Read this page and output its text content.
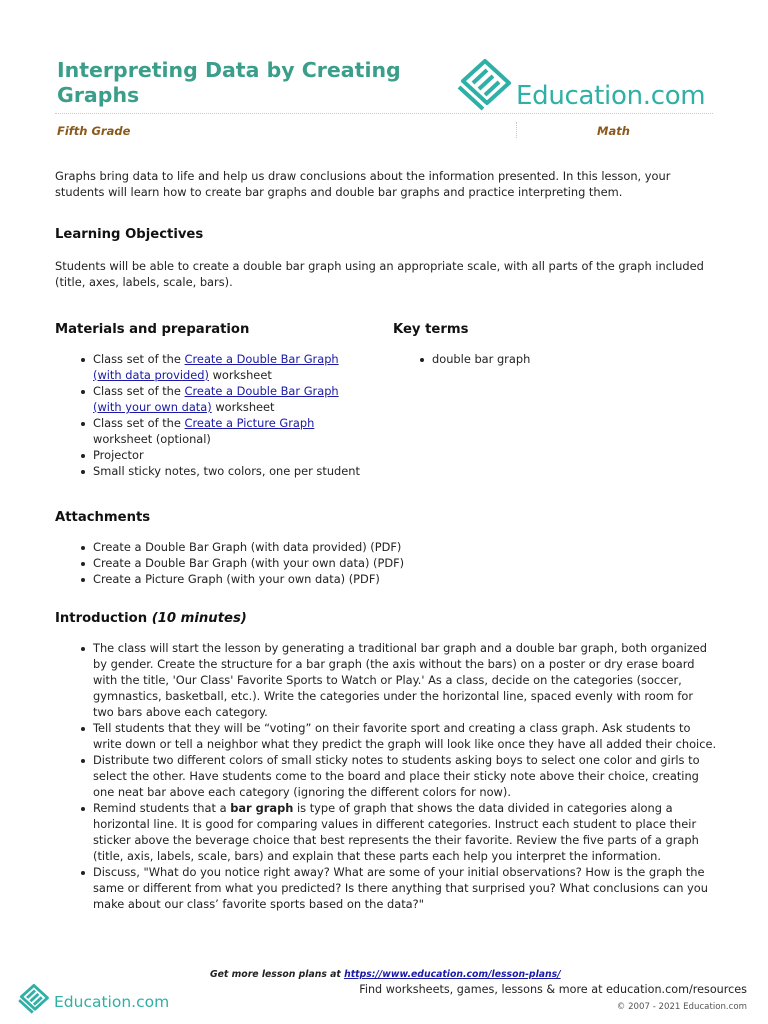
Interpreting Data by Creating Graphs	Education.com
Fifth Grade	Math

Graphs bring data to life and help us draw conclusions about the information presented. In this lesson, your students will learn how to create bar graphs and double bar graphs and practice interpreting them.

Learning Objectives

Students will be able to create a double bar graph using an appropriate scale, with all parts of the graph included (title, axes, labels, scale, bars).

Materials and preparation
Class set of the Create a Double Bar Graph (with data provided) worksheet
Class set of the Create a Double Bar Graph (with your own data) worksheet
Class set of the Create a Picture Graph worksheet (optional)
Projector
Small sticky notes, two colors, one per student
Key terms
double bar graph
Attachments
Create a Double Bar Graph (with data provided) (PDF)
Create a Double Bar Graph (with your own data) (PDF)
Create a Picture Graph (with your own data) (PDF)
Introduction (10 minutes)
The class will start the lesson by generating a traditional bar graph and a double bar graph, both organized by gender. Create the structure for a bar graph (the axis without the bars) on a poster or dry erase board with the title, 'Our Class' Favorite Sports to Watch or Play.' As a class, decide on the categories (soccer, gymnastics, basketball, etc.). Write the categories under the horizontal line, spaced evenly with room for two bars above each category.
Tell students that they will be “voting” on their favorite sport and creating a class graph. Ask students to write down or tell a neighbor what they predict the graph will look like once they have all added their choice.
Distribute two different colors of small sticky notes to students asking boys to select one color and girls to select the other. Have students come to the board and place their sticky note above their choice, creating one neat bar above each category (ignoring the different colors for now).
Remind students that a bar graph is type of graph that shows the data divided in categories along a horizontal line. It is good for comparing values in different categories. Instruct each student to place their sticker above the beverage choice that best represents the their favorite. Review the five parts of a graph (title, axis, labels, scale, bars) and explain that these parts each help you interpret the information.
Discuss, "What do you notice right away? What are some of your initial observations? How is the graph the same or different from what you predicted? Is there anything that surprised you? What conclusions can you make about our class’ favorite sports based on the data?"
Get more lesson plans at https://www.education.com/lesson-plans/
Education.com
Find worksheets, games, lessons & more at education.com/resources
© 2007 - 2021 Education.com
